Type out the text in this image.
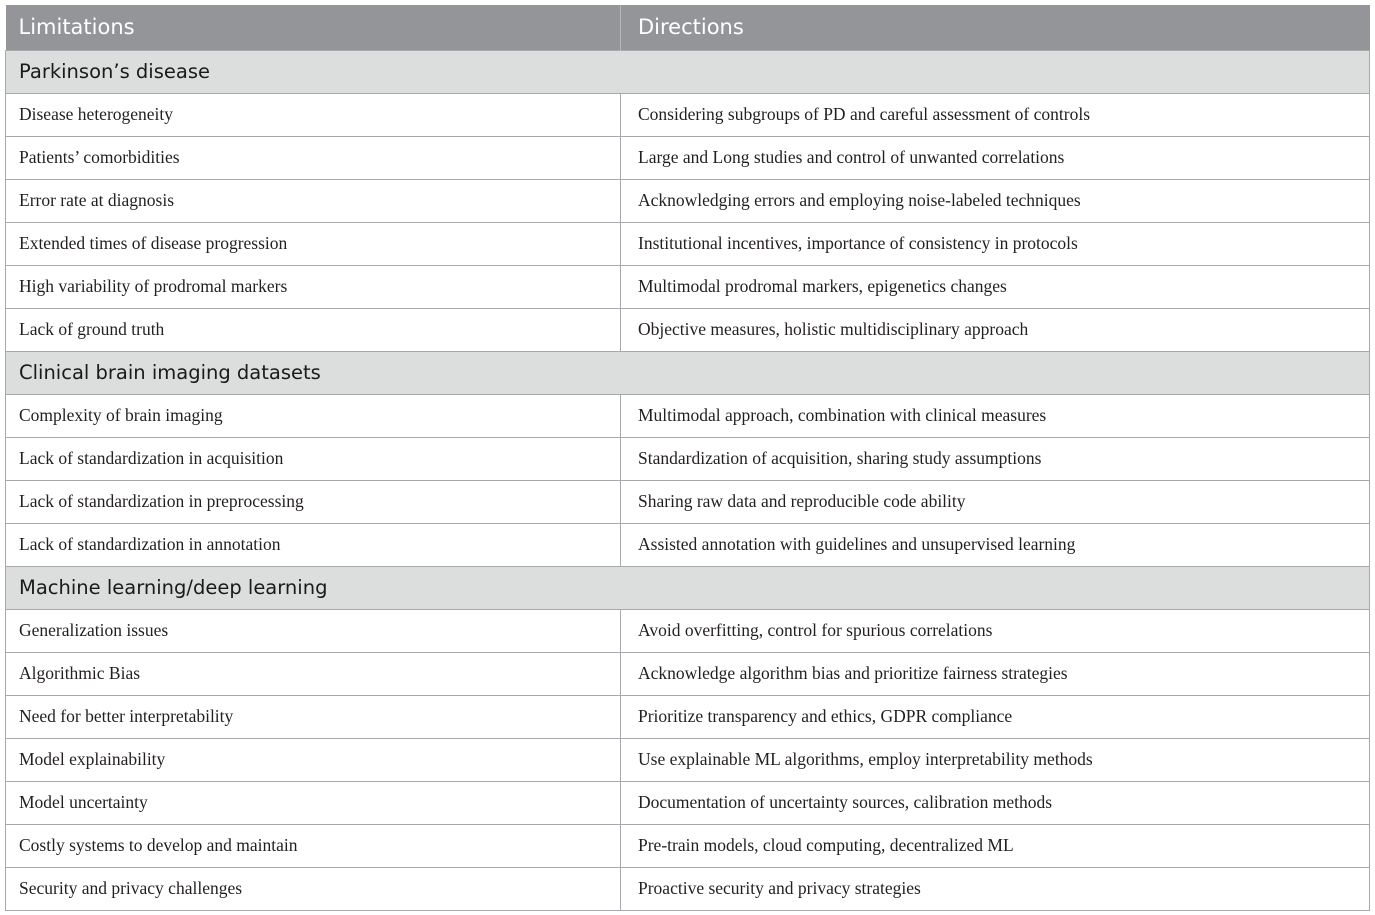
Limitations	Directions
Parkinson’s disease	
Disease heterogeneity	Considering subgroups of PD and careful assessment of controls
Patients’ comorbidities	Large and Long studies and control of unwanted correlations
Error rate at diagnosis	Acknowledging errors and employing noise-labeled techniques
Extended times of disease progression	Institutional incentives, importance of consistency in protocols
High variability of prodromal markers	Multimodal prodromal markers, epigenetics changes
Lack of ground truth	Objective measures, holistic multidisciplinary approach
Clinical brain imaging datasets	
Complexity of brain imaging	Multimodal approach, combination with clinical measures
Lack of standardization in acquisition	Standardization of acquisition, sharing study assumptions
Lack of standardization in preprocessing	Sharing raw data and reproducible code ability
Lack of standardization in annotation	Assisted annotation with guidelines and unsupervised learning
Machine learning/deep learning	
Generalization issues	Avoid overfitting, control for spurious correlations
Algorithmic Bias	Acknowledge algorithm bias and prioritize fairness strategies
Need for better interpretability	Prioritize transparency and ethics, GDPR compliance
Model explainability	Use explainable ML algorithms, employ interpretability methods
Model uncertainty	Documentation of uncertainty sources, calibration methods
Costly systems to develop and maintain	Pre-train models, cloud computing, decentralized ML
Security and privacy challenges	Proactive security and privacy strategies
